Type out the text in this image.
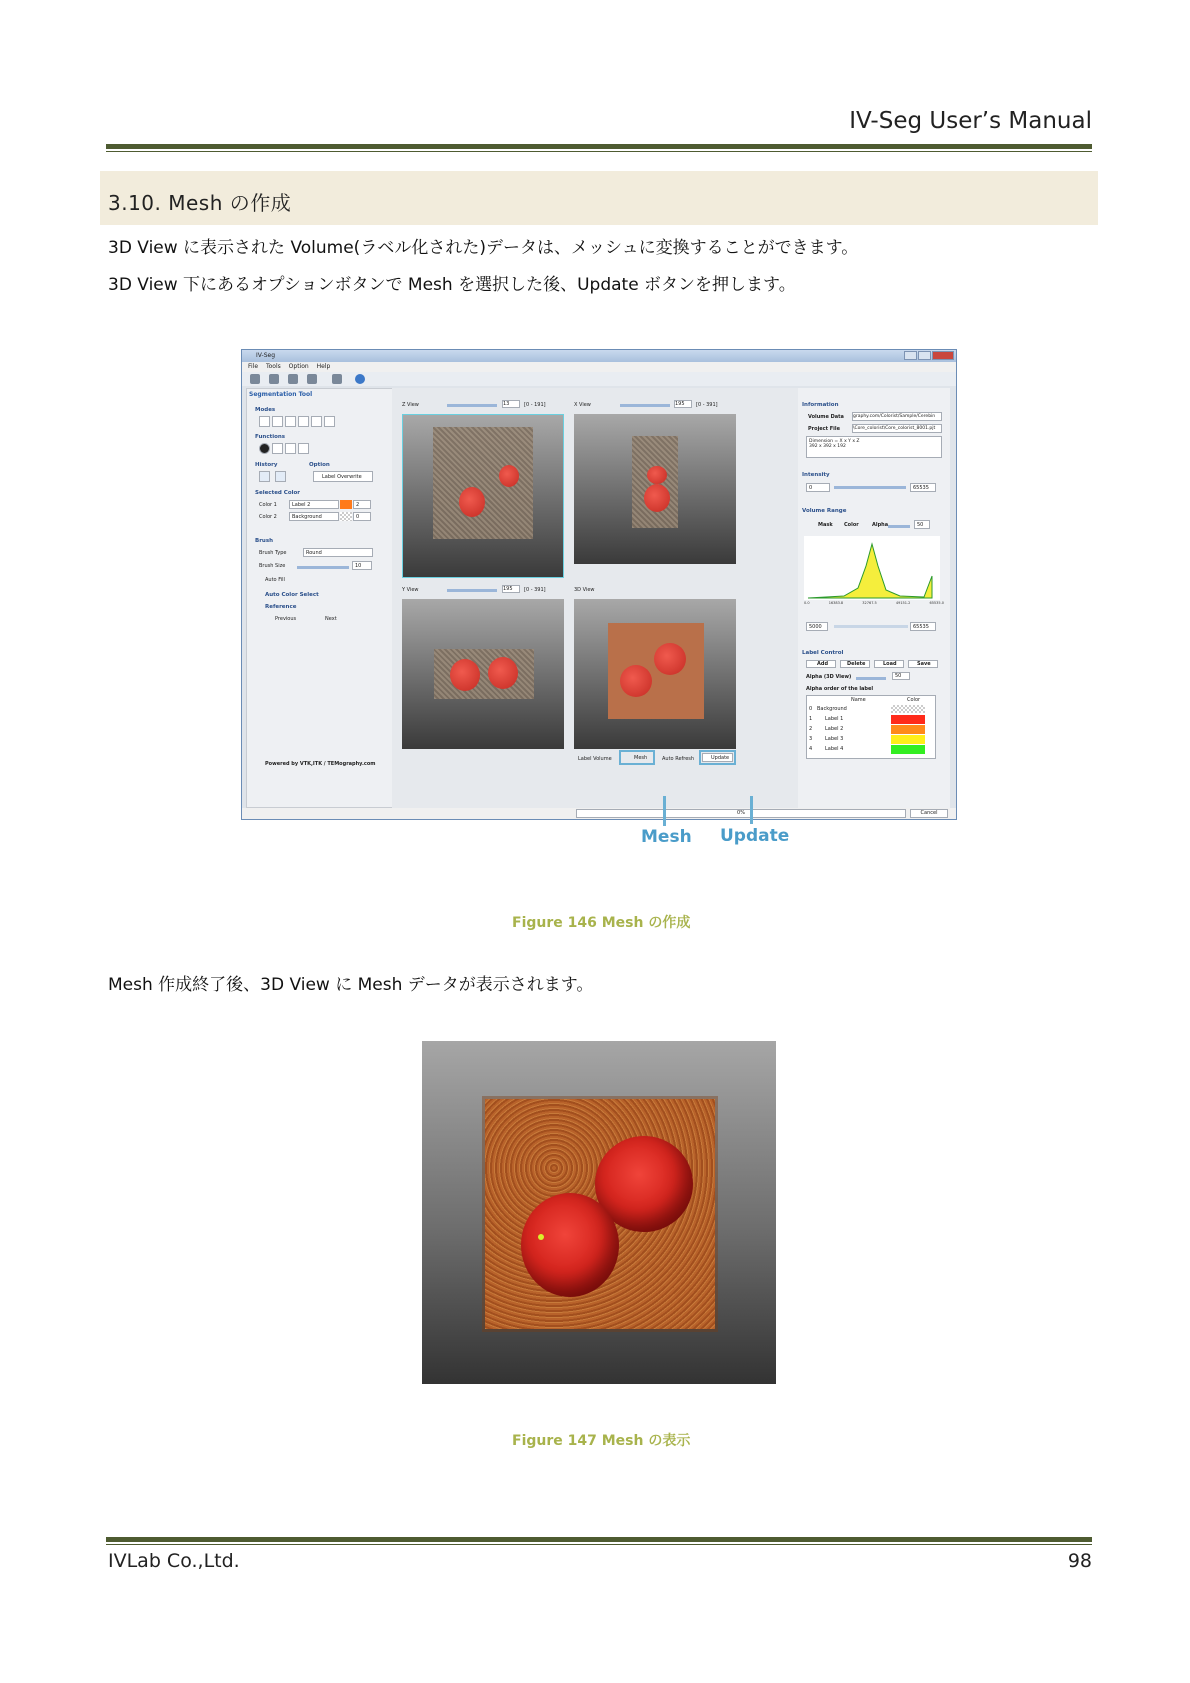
IV-Seg User’s Manual
3.10. Mesh の作成
3D View に表示された Volume(ラベル化された)データは、メッシュに変換することができます。
3D View 下にあるオプションボタンで Mesh を選択した後、Update ボタンを押します。
IV-Seg
File Tools Option Help
Segmentation Tool
Modes
Functions
History	Option
Label Overwrite
Selected Color
Color 1	Label 2	2
Color 2	Background	0
Brush
Brush Type	Round
Brush Size	10
Auto Fill
Auto Color Select
Reference
Previous	Next
Powered by VTK,ITK / TEMography.com
Z View	13	[0 - 191]	X View	195	[0 - 391]
Y View	195	[0 - 391]	3D View
Label Volume	Mesh	Auto Refresh	Update
Information
Volume Data graphy.com/Colorist/Sample/Cerebin
Project File	\Core_colorist\Core_colorist_8001.pjt
Dimension = X x Y x Z
392 x 392 x 192
Intensity
0	65535
Volume Range
Mask Color	Alpha	50
0.0	16383.8	32767.5	49151.2	65535.0
5000	65535
Label Control
Add	Delete	Load	Save
Alpha (3D View)	50
Alpha order of the label
Name	Color
0 Background
1	Label 1
2	Label 2
3	Label 3
4	Label 4
0%	Cancel
Mesh Update
Figure 146 Mesh の作成
Mesh 作成終了後、3D View に Mesh データが表示されます。
Figure 147 Mesh の表示
IVLab Co.,Ltd.	98
